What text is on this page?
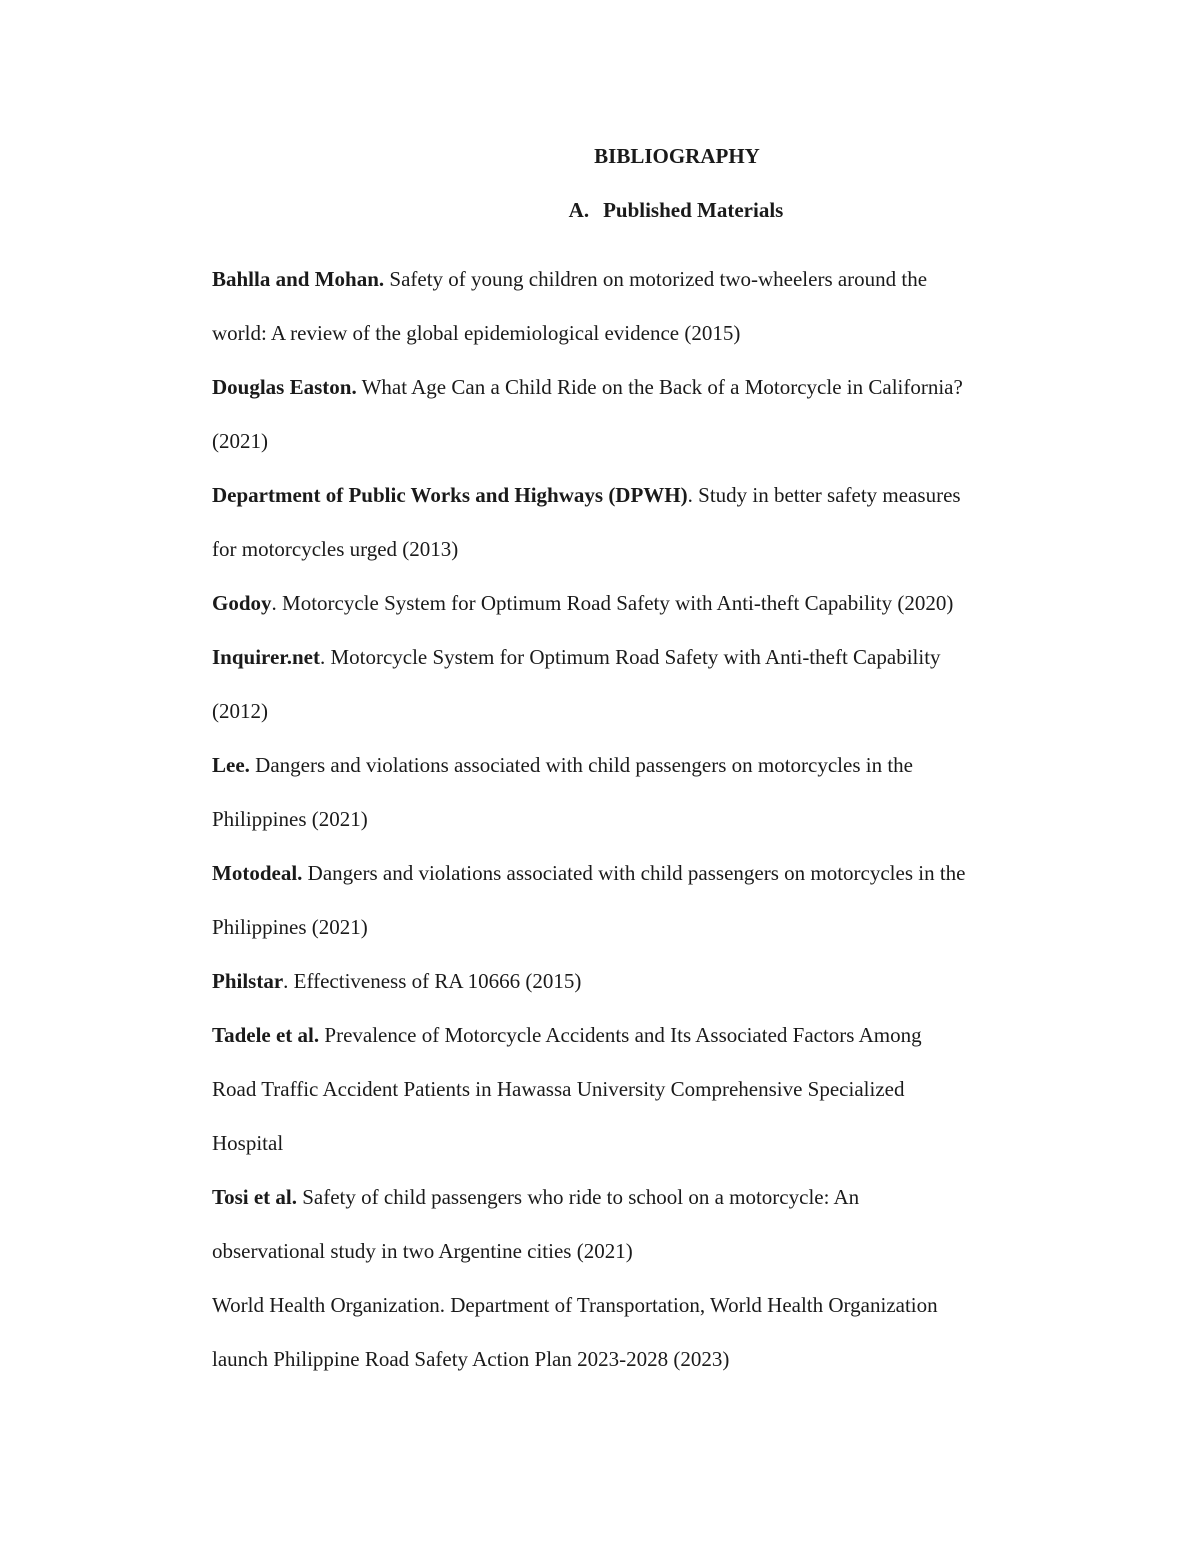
BIBLIOGRAPHY
A. Published Materials

Bahlla and Mohan. Safety of young children on motorized two-wheelers around the
world: A review of the global epidemiological evidence (2015)

Douglas Easton. What Age Can a Child Ride on the Back of a Motorcycle in California?
(2021)

Department of Public Works and Highways (DPWH). Study in better safety measures
for motorcycles urged (2013)

Godoy. Motorcycle System for Optimum Road Safety with Anti-theft Capability (2020)

Inquirer.net. Motorcycle System for Optimum Road Safety with Anti-theft Capability
(2012)

Lee. Dangers and violations associated with child passengers on motorcycles in the
Philippines (2021)

Motodeal. Dangers and violations associated with child passengers on motorcycles in the
Philippines (2021)

Philstar. Effectiveness of RA 10666 (2015)

Tadele et al. Prevalence of Motorcycle Accidents and Its Associated Factors Among
Road Traffic Accident Patients in Hawassa University Comprehensive Specialized
Hospital

Tosi et al. Safety of child passengers who ride to school on a motorcycle: An
observational study in two Argentine cities (2021)

World Health Organization. Department of Transportation, World Health Organization
launch Philippine Road Safety Action Plan 2023-2028 (2023)
